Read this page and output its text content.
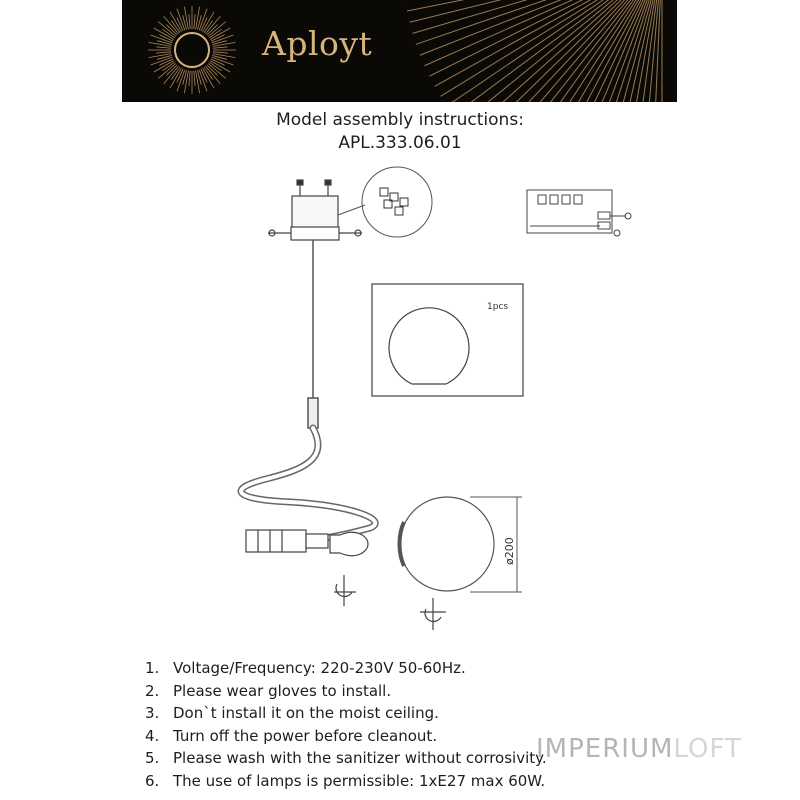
Aployt
Model assembly instructions:
APL.333.06.01
1pcs
ø200
1. Voltage/Frequency: 220-230V 50-60Hz.
2. Please wear gloves to install.
3. Don`t install it on the moist ceiling.
4. Turn off the power before cleanout.
5. Please wash with the sanitizer without corrosivity.
6. The use of lamps is permissible: 1xE27 max 60W.
IMPERIUMLOFT
